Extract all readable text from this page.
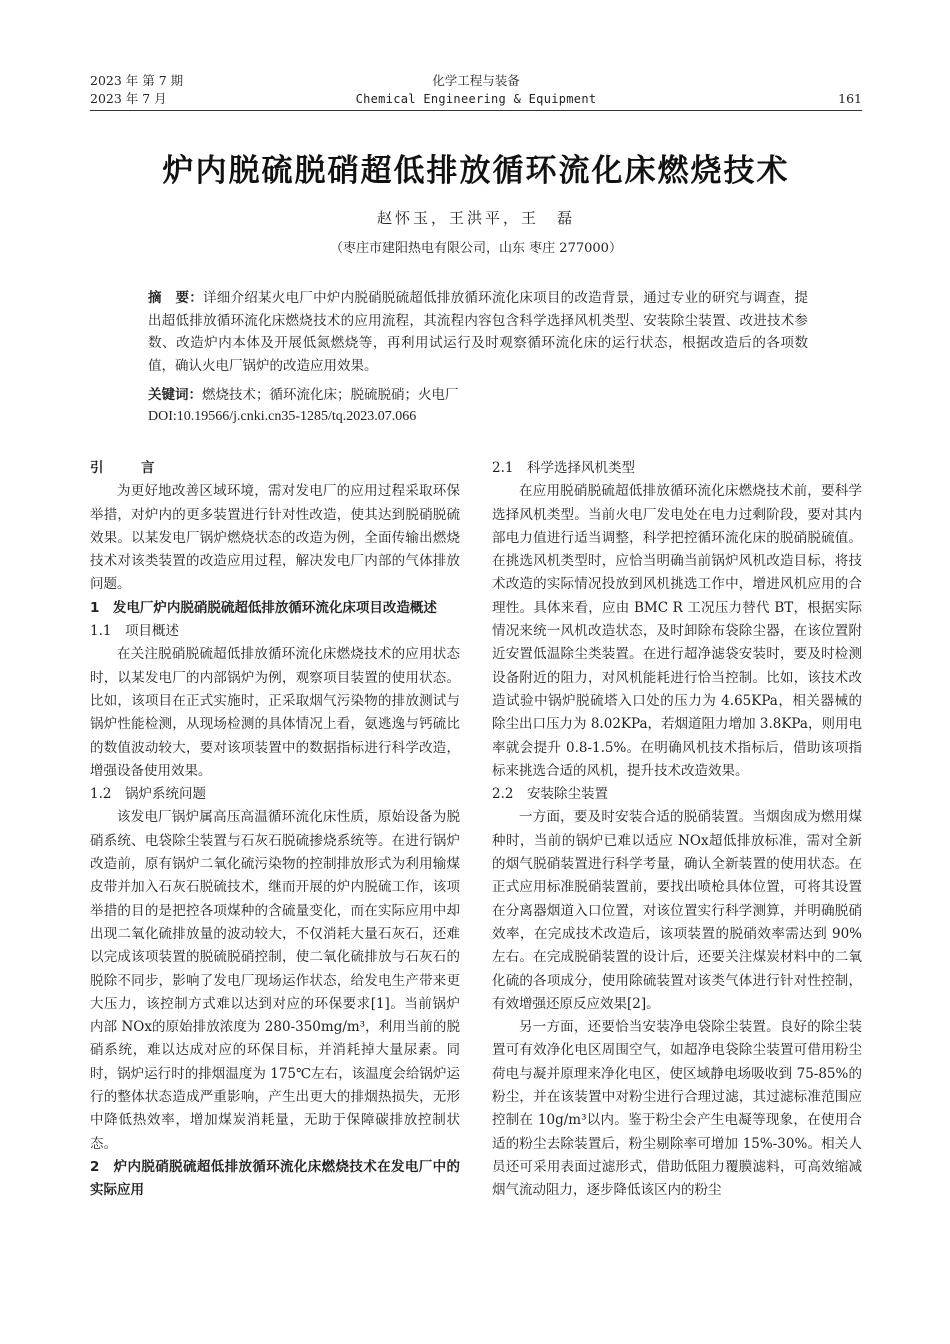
2023 年 第 7 期
2023 年 7 月
化学工程与装备
Chemical Engineering & Equipment	161
炉内脱硫脱硝超低排放循环流化床燃烧技术
赵怀玉，王洪平，王　磊
（枣庄市建阳热电有限公司，山东 枣庄 277000）

摘　要：详细介绍某火电厂中炉内脱硝脱硫超低排放循环流化床项目的改造背景，通过专业的研究与调查，提出超低排放循环流化床燃烧技术的应用流程，其流程内容包含科学选择风机类型、安装除尘装置、改进技术参数、改造炉内本体及开展低氮燃烧等，再利用试运行及时观察循环流化床的运行状态，根据改造后的各项数值，确认火电厂锅炉的改造应用效果。

关键词：燃烧技术；循环流化床；脱硫脱硝；火电厂
DOI:10.19566/j.cnki.cn35-1285/tq.2023.07.066

引　言

为更好地改善区域环境，需对发电厂的应用过程采取环保举措，对炉内的更多装置进行针对性改造，使其达到脱硝脱硫效果。以某发电厂锅炉燃烧状态的改造为例，全面传输出燃烧技术对该类装置的改造应用过程，解决发电厂内部的气体排放问题。

1　发电厂炉内脱硝脱硫超低排放循环流化床项目改造概述

1.1　项目概述

在关注脱硝脱硫超低排放循环流化床燃烧技术的应用状态时，以某发电厂的内部锅炉为例，观察项目装置的使用状态。比如，该项目在正式实施时，正采取烟气污染物的排放测试与锅炉性能检测，从现场检测的具体情况上看，氨逃逸与钙硫比的数值波动较大，要对该项装置中的数据指标进行科学改造，增强设备使用效果。

1.2　锅炉系统问题

该发电厂锅炉属高压高温循环流化床性质，原始设备为脱硝系统、电袋除尘装置与石灰石脱硫掺烧系统等。在进行锅炉改造前，原有锅炉二氧化硫污染物的控制排放形式为利用输煤皮带并加入石灰石脱硫技术，继而开展的炉内脱硫工作，该项举措的目的是把控各项煤种的含硫量变化，而在实际应用中却出现二氧化硫排放量的波动较大，不仅消耗大量石灰石，还难以完成该项装置的脱硫脱硝控制，使二氧化硫排放与石灰石的脱除不同步，影响了发电厂现场运作状态，给发电生产带来更大压力，该控制方式难以达到对应的环保要求[1]。当前锅炉内部 NOx的原始排放浓度为 280-350mg/m³，利用当前的脱硝系统，难以达成对应的环保目标，并消耗掉大量尿素。同时，锅炉运行时的排烟温度为 175℃左右，该温度会给锅炉运行的整体状态造成严重影响，产生出更大的排烟热损失，无形中降低热效率，增加煤炭消耗量，无助于保障碳排放控制状态。

2　炉内脱硝脱硫超低排放循环流化床燃烧技术在发电厂中的实际应用

2.1　科学选择风机类型

在应用脱硝脱硫超低排放循环流化床燃烧技术前，要科学选择风机类型。当前火电厂发电处在电力过剩阶段，要对其内部电力值进行适当调整，科学把控循环流化床的脱硝脱硫值。在挑选风机类型时，应恰当明确当前锅炉风机改造目标，将技术改造的实际情况投放到风机挑选工作中，增进风机应用的合理性。具体来看，应由 BMC R 工况压力替代 BT，根据实际情况来统一风机改造状态，及时卸除布袋除尘器，在该位置附近安置低温除尘类装置。在进行超净滤袋安装时，要及时检测设备附近的阻力，对风机能耗进行恰当控制。比如，该技术改造试验中锅炉脱硫塔入口处的压力为 4.65KPa，相关器械的除尘出口压力为 8.02KPa，若烟道阻力增加 3.8KPa，则用电率就会提升 0.8-1.5%。在明确风机技术指标后，借助该项指标来挑选合适的风机，提升技术改造效果。

2.2　安装除尘装置

一方面，要及时安装合适的脱硝装置。当烟囱成为燃用煤种时，当前的锅炉已难以适应 NOx超低排放标准，需对全新的烟气脱硝装置进行科学考量，确认全新装置的使用状态。在正式应用标准脱硝装置前，要找出喷枪具体位置，可将其设置在分离器烟道入口位置，对该位置实行科学测算，并明确脱硝效率，在完成技术改造后，该项装置的脱硝效率需达到 90%左右。在完成脱硝装置的设计后，还要关注煤炭材料中的二氧化硫的各项成分，使用除硫装置对该类气体进行针对性控制，有效增强还原反应效果[2]。

另一方面，还要恰当安装净电袋除尘装置。良好的除尘装置可有效净化电区周围空气，如超净电袋除尘装置可借用粉尘荷电与凝并原理来净化电区，使区域静电场吸收到 75-85%的粉尘，并在该装置中对粉尘进行合理过滤，其过滤标准范围应控制在 10g/m³以内。鉴于粉尘会产生电凝等现象，在使用合适的粉尘去除装置后，粉尘剔除率可增加 15%-30%。相关人员还可采用表面过滤形式，借助低阻力覆膜滤料，可高效缩减烟气流动阻力，逐步降低该区内的粉尘
